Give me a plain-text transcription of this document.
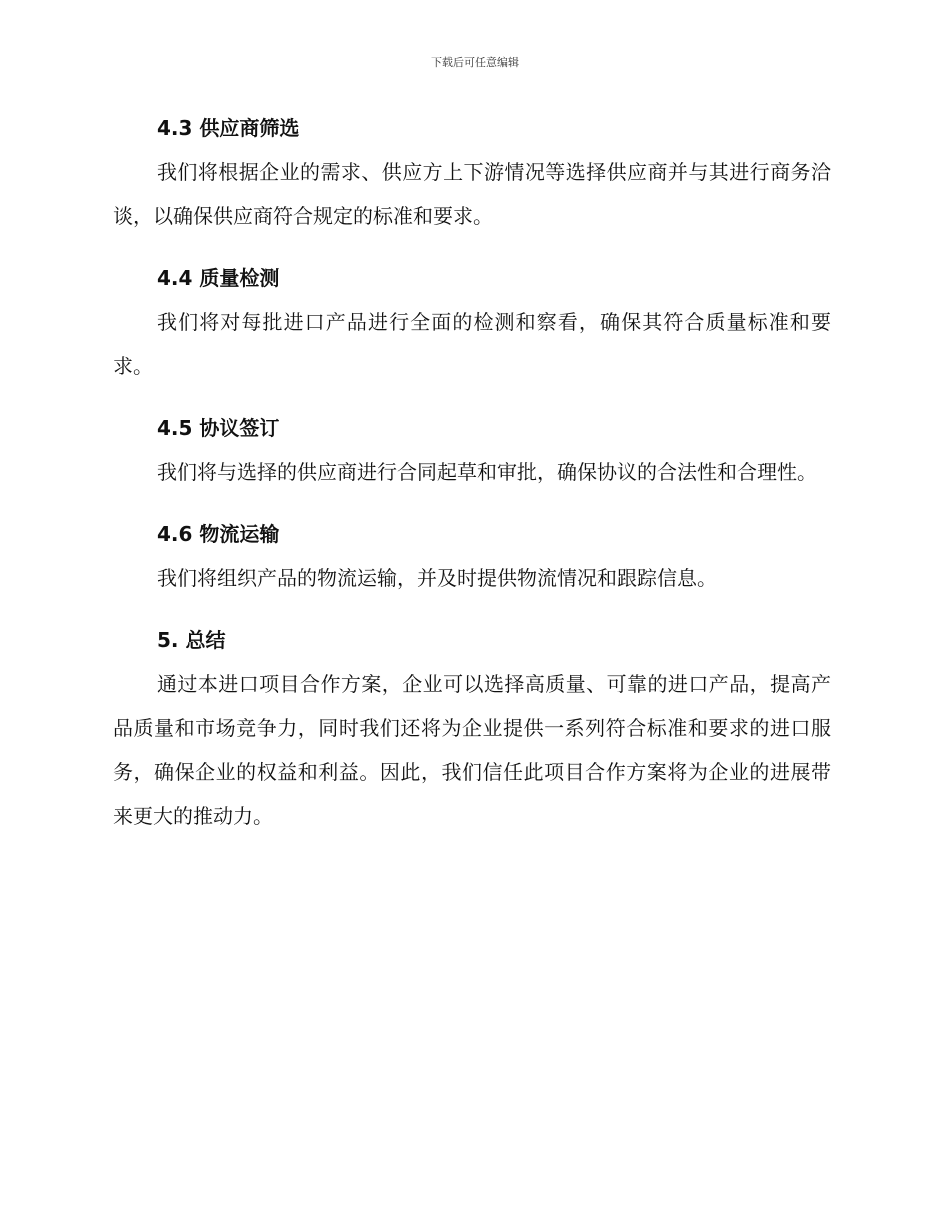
下载后可任意编辑
4.3 供应商筛选

我们将根据企业的需求、供应方上下游情况等选择供应商并与其进行商务洽谈，以确保供应商符合规定的标准和要求。

4.4 质量检测

我们将对每批进口产品进行全面的检测和察看，确保其符合质量标准和要求。

4.5 协议签订

我们将与选择的供应商进行合同起草和审批，确保协议的合法性和合理性。

4.6 物流运输

我们将组织产品的物流运输，并及时提供物流情况和跟踪信息。

5. 总结

通过本进口项目合作方案，企业可以选择高质量、可靠的进口产品，提高产品质量和市场竞争力，同时我们还将为企业提供一系列符合标准和要求的进口服务，确保企业的权益和利益。因此，我们信任此项目合作方案将为企业的进展带来更大的推动力。
